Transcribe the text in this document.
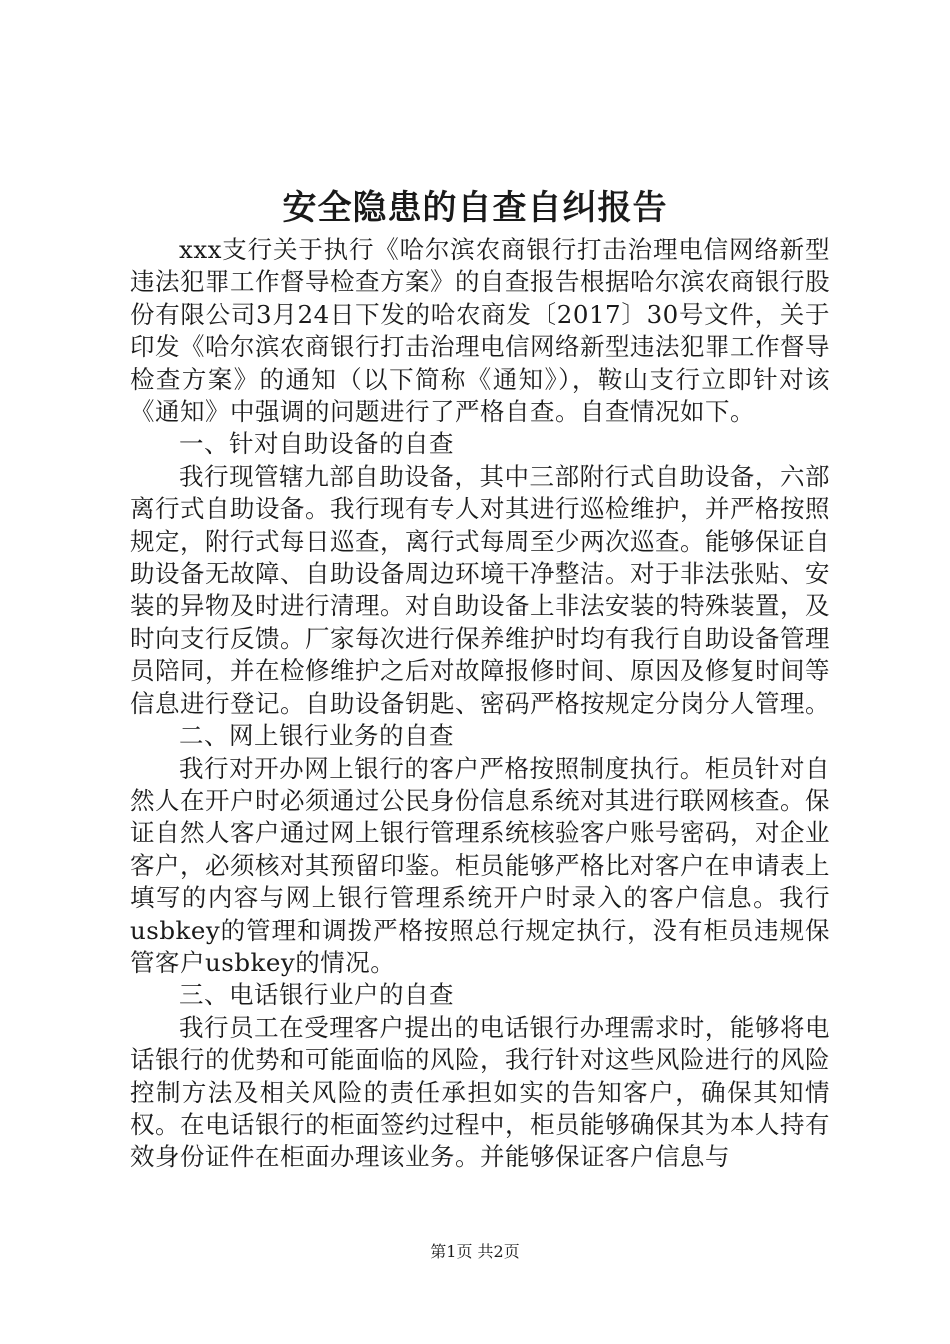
安全隐患的自查自纠报告

xxx支行关于执行《哈尔滨农商银行打击治理电信网络新型违法犯罪工作督导检查方案》的自查报告根据哈尔滨农商银行股份有限公司3月24日下发的哈农商发〔2017〕30号文件，关于印发《哈尔滨农商银行打击治理电信网络新型违法犯罪工作督导检查方案》的通知（以下简称《通知》），鞍山支行立即针对该《通知》中强调的问题进行了严格自查。自查情况如下。

一、针对自助设备的自查

我行现管辖九部自助设备，其中三部附行式自助设备，六部离行式自助设备。我行现有专人对其进行巡检维护，并严格按照规定，附行式每日巡查，离行式每周至少两次巡查。能够保证自助设备无故障、自助设备周边环境干净整洁。对于非法张贴、安装的异物及时进行清理。对自助设备上非法安装的特殊装置，及时向支行反馈。厂家每次进行保养维护时均有我行自助设备管理员陪同，并在检修维护之后对故障报修时间、原因及修复时间等信息进行登记。自助设备钥匙、密码严格按规定分岗分人管理。

二、网上银行业务的自查

我行对开办网上银行的客户严格按照制度执行。柜员针对自然人在开户时必须通过公民身份信息系统对其进行联网核查。保证自然人客户通过网上银行管理系统核验客户账号密码，对企业客户，必须核对其预留印鉴。柜员能够严格比对客户在申请表上填写的内容与网上银行管理系统开户时录入的客户信息。我行usbkey的管理和调拨严格按照总行规定执行，没有柜员违规保管客户usbkey的情况。

三、电话银行业户的自查

我行员工在受理客户提出的电话银行办理需求时，能够将电话银行的优势和可能面临的风险，我行针对这些风险进行的风险控制方法及相关风险的责任承担如实的告知客户，确保其知情权。在电话银行的柜面签约过程中，柜员能够确保其为本人持有效身份证件在柜面办理该业务。并能够保证客户信息与

第1页 共2页
